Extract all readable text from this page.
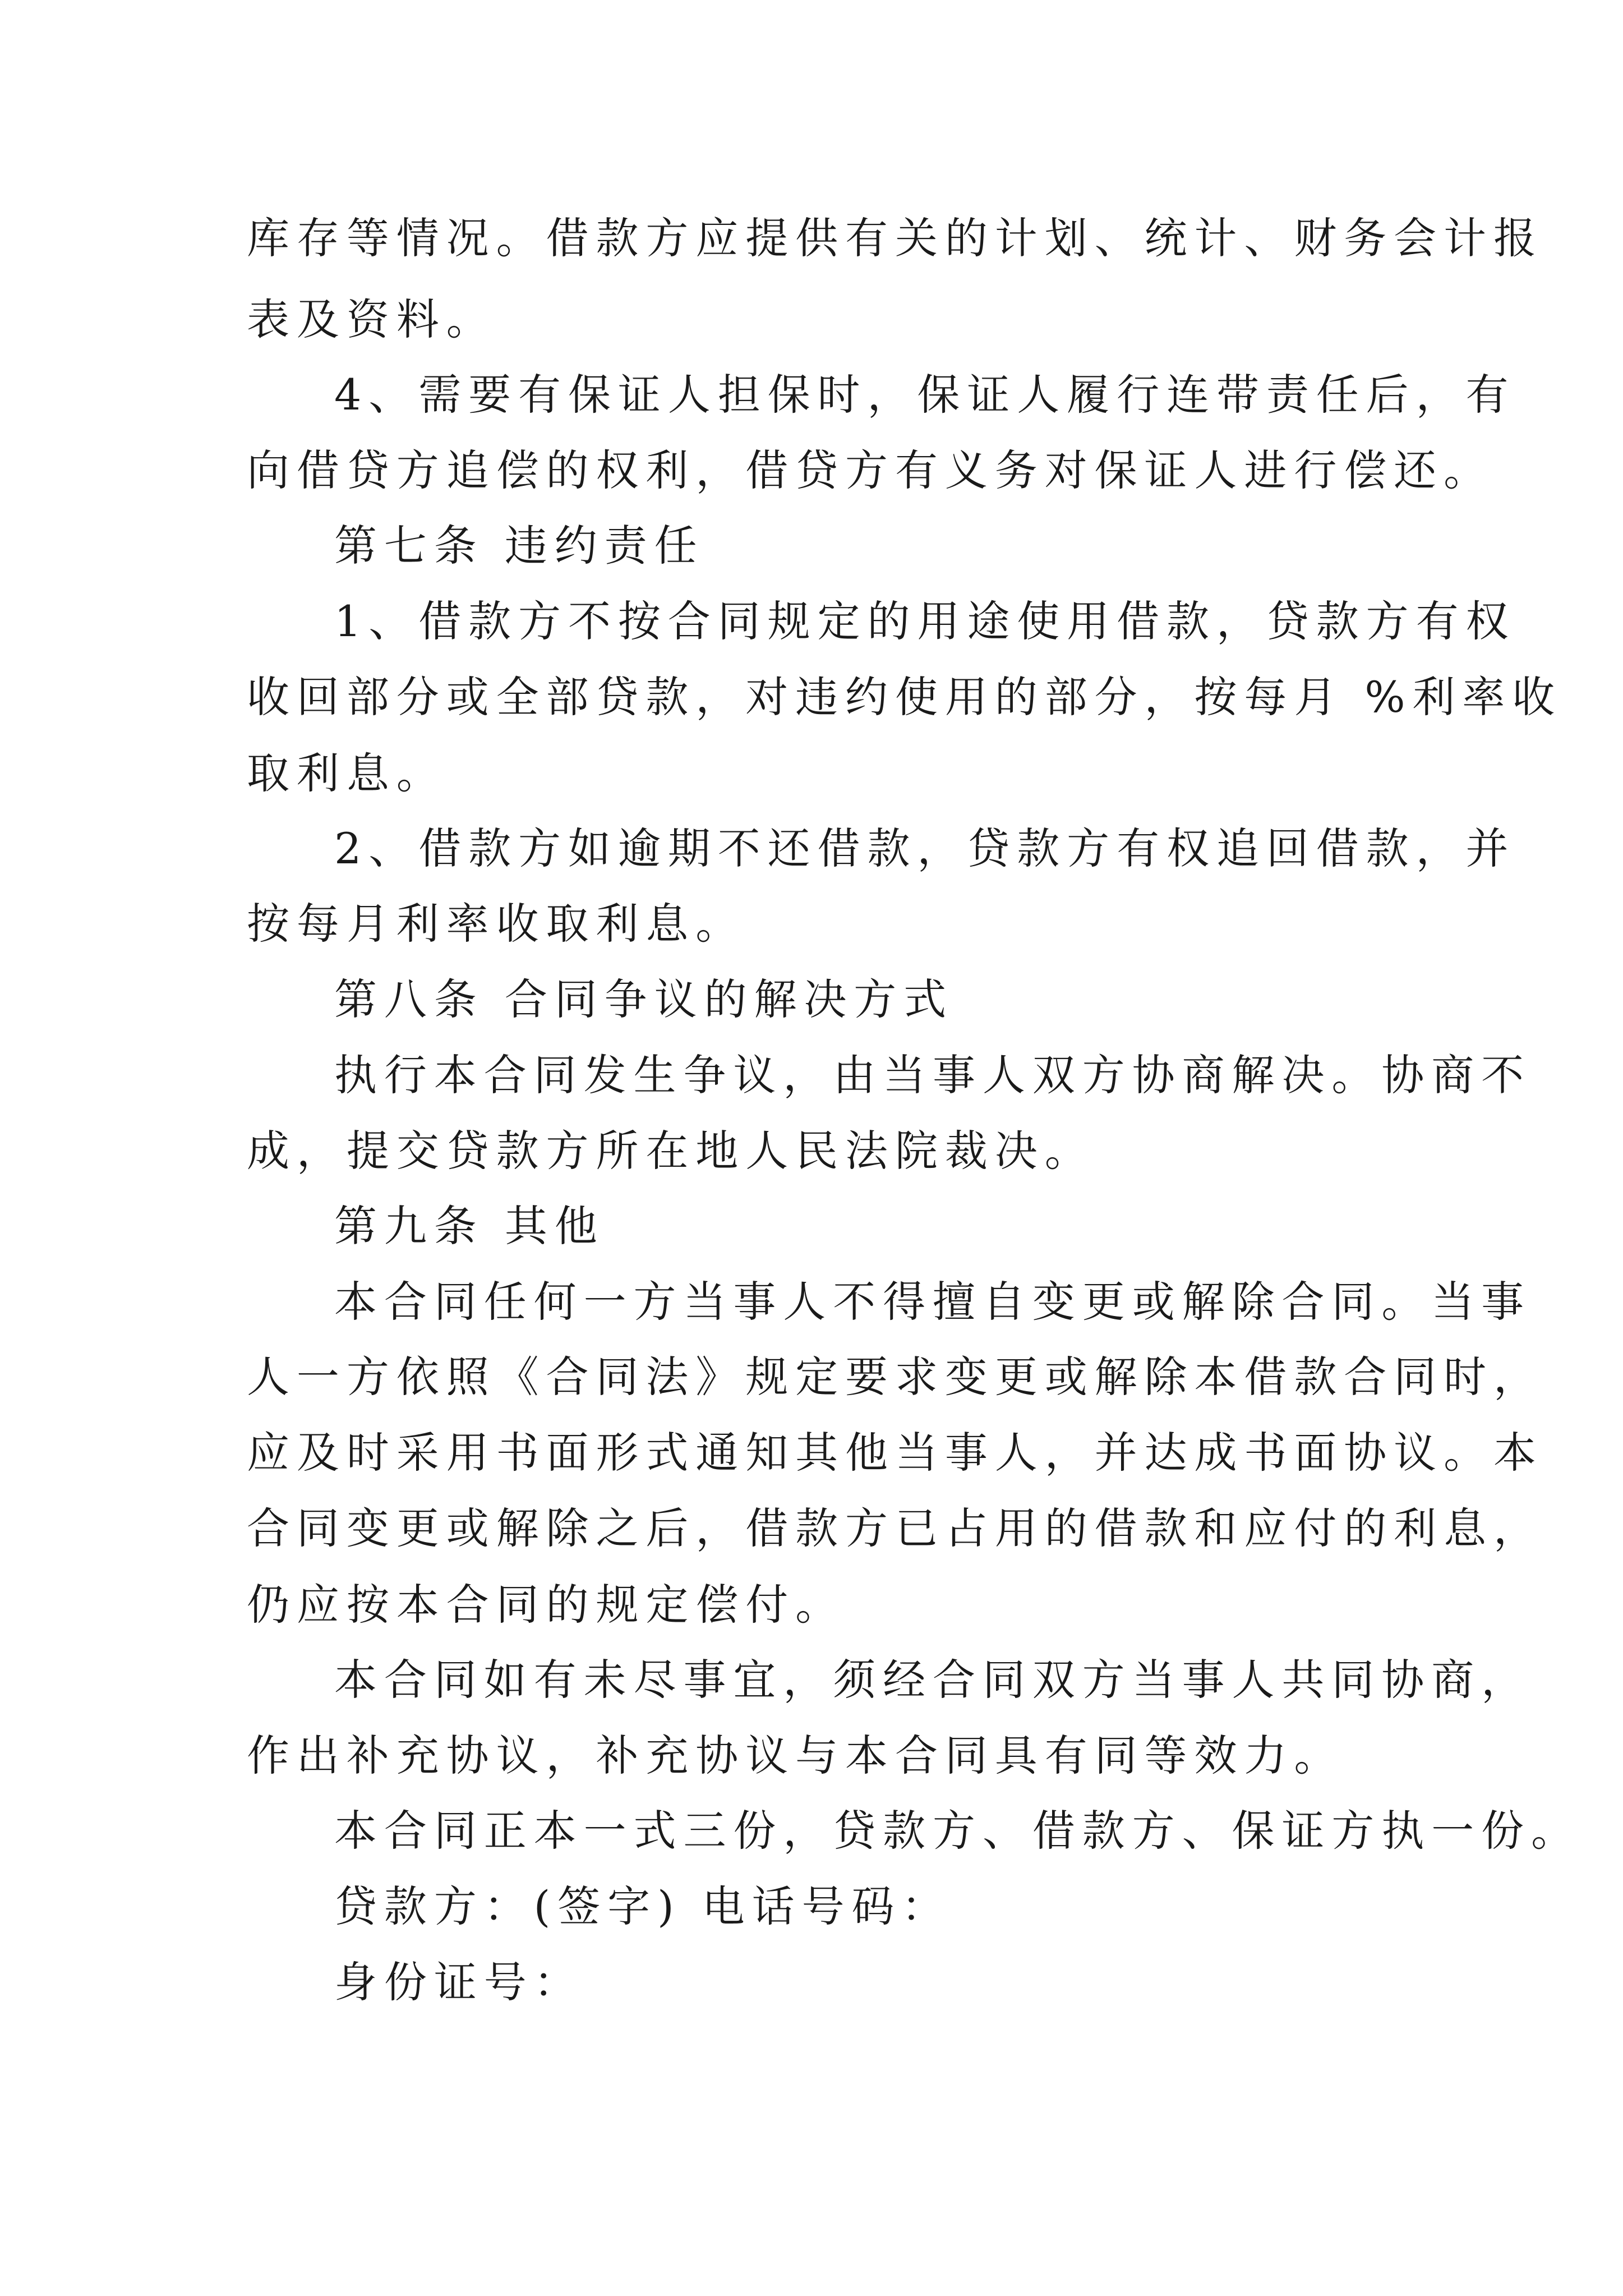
库存等情况。借款方应提供有关的计划、统计、财务会计报
表及资料。
4、需要有保证人担保时，保证人履行连带责任后，有
向借贷方追偿的权利，借贷方有义务对保证人进行偿还。
第七条 违约责任
1、借款方不按合同规定的用途使用借款，贷款方有权
收回部分或全部贷款，对违约使用的部分，按每月 %利率收
取利息。
2、借款方如逾期不还借款，贷款方有权追回借款，并
按每月利率收取利息。
第八条 合同争议的解决方式
执行本合同发生争议，由当事人双方协商解决。协商不
成，提交贷款方所在地人民法院裁决。
第九条 其他
本合同任何一方当事人不得擅自变更或解除合同。当事
人一方依照《合同法》规定要求变更或解除本借款合同时，
应及时采用书面形式通知其他当事人，并达成书面协议。本
合同变更或解除之后，借款方已占用的借款和应付的利息，
仍应按本合同的规定偿付。
本合同如有未尽事宜，须经合同双方当事人共同协商，
作出补充协议，补充协议与本合同具有同等效力。
本合同正本一式三份，贷款方、借款方、保证方执一份。
贷款方：(签字) 电话号码：
身份证号：
